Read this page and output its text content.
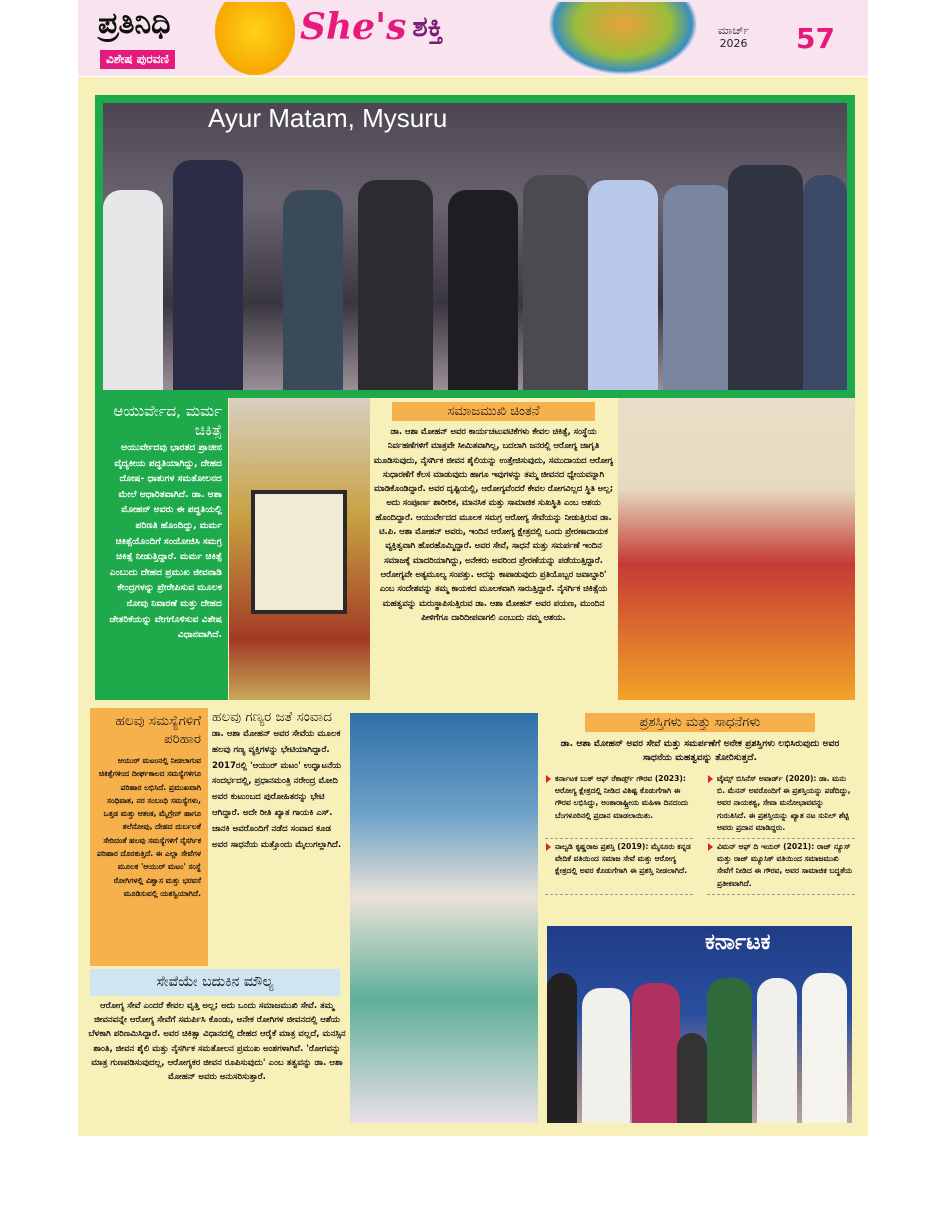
ಪ್ರತಿನಿಧಿ
ವಿಶೇಷ ಪುರವಣಿ
She's ಶಕ್ತಿ	ಮಾರ್ಚ್
2026 57
Ayur Matam, Mysuru
ಆಯುರ್ವೇದ, ಮರ್ಮ ಚಿಕಿತ್ಸೆ

ಆಯುರ್ವೇದವು ಭಾರತದ ಪ್ರಾಚೀನ ವೈದ್ಯಕೀಯ ಪದ್ಧತಿಯಾಗಿದ್ದು, ದೇಹದ ದೋಷ- ಧಾತುಗಳ ಸಮತೋಲನದ ಮೇಲೆ ಆಧಾರಿತವಾಗಿದೆ. ಡಾ. ಆಶಾ ಮೋಹನ್ ಅವರು ಈ ಪದ್ಧತಿಯಲ್ಲಿ ಪರಿಣತಿ ಹೊಂದಿದ್ದು, ಮರ್ಮ ಚಿಕಿತ್ಸೆಯೊಂದಿಗೆ ಸಂಯೋಜಿಸಿ ಸಮಗ್ರ ಚಿಕಿತ್ಸೆ ನೀಡುತ್ತಿದ್ದಾರೆ. ಮರ್ಮ ಚಿಕಿತ್ಸೆ ಎಂಬುದು ದೇಹದ ಪ್ರಮುಖ ಜೀವನಾಡಿ ಕೇಂದ್ರಗಳನ್ನು ಪ್ರೇರೇಪಿಸುವ ಮೂಲಕ ನೋವು ನಿವಾರಣೆ ಮತ್ತು ದೇಹದ ಚೇತರಿಕೆಯನ್ನು ವೇಗಗೊಳಿಸುವ ವಿಶೇಷ ವಿಧಾನವಾಗಿದೆ.

ಸಮಾಜಮುಖಿ ಚಿಂತನೆ

ಡಾ. ಆಶಾ ಮೋಹನ್ ಅವರ ಕಾರ್ಯಚಟುವಟಿಕೆಗಳು ಕೇವಲ ಚಿಕಿತ್ಸೆ, ಸಂಸ್ಥೆಯ ನಿರ್ವಹಣೆಗಳಿಗೆ ಮಾತ್ರವೇ ಸೀಮಿತವಾಗಿಲ್ಲ, ಬದಲಾಗಿ ಜನರಲ್ಲಿ ಆರೋಗ್ಯ ಜಾಗೃತಿ ಮೂಡಿಸುವುದು, ನೈಸರ್ಗಿಕ ಜೀವನ ಶೈಲಿಯನ್ನು ಉತ್ತೇಜಿಸುವುದು, ಸಮುದಾಯದ ಆರೋಗ್ಯ ಸುಧಾರಣೆಗೆ ಕೆಲಸ ಮಾಡುವುದು ಹಾಗೂ ಇವುಗಳನ್ನು ತಮ್ಮ ಜೀವನದ ಧ್ಯೇಯವನ್ನಾಗಿ ಮಾಡಿಕೊಂಡಿದ್ದಾರೆ. ಅವರ ದೃಷ್ಟಿಯಲ್ಲಿ, ಆರೋಗ್ಯವೆಂದರೆ ಕೇವಲ ರೋಗವಿಲ್ಲದ ಸ್ಥಿತಿ ಅಲ್ಲ; ಅದು ಸಂಪೂರ್ಣ ಶಾರೀರಿಕ, ಮಾನಸಿಕ ಮತ್ತು ಸಾಮಾಜಿಕ ಸುಖಸ್ಥಿತಿ ಎಂಬ ಆಶಯ ಹೊಂದಿದ್ದಾರೆ. ಆಯುರ್ವೇದದ ಮೂಲಕ ಸಮಗ್ರ ಆರೋಗ್ಯ ಸೇವೆಯನ್ನು ನೀಡುತ್ತಿರುವ ಡಾ. ಟಿ.ಪಿ. ಆಶಾ ಮೋಹನ್ ಅವರು, ಇಂದಿನ ಆರೋಗ್ಯ ಕ್ಷೇತ್ರದಲ್ಲಿ ಒಂದು ಪ್ರೇರಣಾದಾಯಕ ವ್ಯಕ್ತಿತ್ವವಾಗಿ ಹೊರಹೊಮ್ಮಿದ್ದಾರೆ. ಅವರ ಸೇವೆ, ಸಾಧನೆ ಮತ್ತು ಸಮರ್ಪಣೆ ಇಂದಿನ ಸಮಾಜಕ್ಕೆ ಮಾದರಿಯಾಗಿದ್ದು, ಅನೇಕರು ಅವರಿಂದ ಪ್ರೇರಣೆಯನ್ನು ಪಡೆಯುತ್ತಿದ್ದಾರೆ. ಆರೋಗ್ಯವೇ ಅತ್ಯಮೂಲ್ಯ ಸಂಪತ್ತು. ಅದನ್ನು ಕಾಪಾಡುವುದು ಪ್ರತಿಯೊಬ್ಬರ ಜವಾಬ್ದಾರಿ' ಎಂಬ ಸಂದೇಶವನ್ನು ತಮ್ಮ ಕಾಯಕದ ಮೂಲಕವಾಗಿ ಸಾರುತ್ತಿದ್ದಾರೆ. ನೈಸರ್ಗಿಕ ಚಿಕಿತ್ಸೆಯ ಮಹತ್ವವನ್ನು ಮರುಸ್ಥಾಪಿಸುತ್ತಿರುವ ಡಾ. ಆಶಾ ಮೋಹನ್ ಅವರ ಪಯಣ, ಮುಂದಿನ ಪೀಳಿಗೆಗೂ ದಾರಿದೀಪವಾಗಲಿ ಎಂಬುದು ನಮ್ಮ ಆಶಯ.

ಹಲವು ಸಮಸ್ಯೆಗಳಿಗೆ ಪರಿಹಾರ

ಆಯುರ್ ಮಟಂನಲ್ಲಿ ನೀಡಲಾಗುವ ಚಿಕಿತ್ಸೆಗಳಿಂದ ದೀರ್ಘಕಾಲದ ಸಮಸ್ಯೆಗಳಿಗೂ ಪರಿಹಾರ ಲಭಿಸಿದೆ. ಪ್ರಮುಖವಾಗಿ ಸಂಧಿವಾತ, ನರ ಸಂಬಂಧಿ ಸಮಸ್ಯೆಗಳು, ಒತ್ತಡ ಮತ್ತು ಆತಂಕ, ಮೈಗ್ರೇನ್ ಹಾಗೂ ತಲೆನೋವು, ದೇಹದ ದುರ್ಬಲತೆ ಸೇರಿದಂತೆ ಹಲವು ಸಮಸ್ಯೆಗಳಿಗೆ ನೈಸರ್ಗಿಕ ಪರಿಹಾರ ದೊರಕುತ್ತಿದೆ. ಈ ಎಲ್ಲಾ ಸೇವೆಗಳ ಮೂಲಕ 'ಆಯುರ್ ಮಟಂ' ಸಂಸ್ಥೆ ರೋಗಿಗಳಲ್ಲಿ ವಿಶ್ವಾಸ ಮತ್ತು ಭರವಸೆ ಮೂಡಿಸುವಲ್ಲಿ ಯಶಸ್ವಿಯಾಗಿದೆ.

ಹಲವು ಗಣ್ಯರ ಜತೆ ಸಂವಾದ

ಡಾ. ಆಶಾ ಮೋಹನ್ ಅವರ ಸೇವೆಯ ಮೂಲಕ ಹಲವು ಗಣ್ಯ ವ್ಯಕ್ತಿಗಳನ್ನು ಭೇಟಿಯಾಗಿದ್ದಾರೆ. 2017ರಲ್ಲಿ 'ಆಯುರ್ ಮಟಂ' ಉದ್ಘಾಟನೆಯ ಸಂದರ್ಭದಲ್ಲಿ, ಪ್ರಧಾನಮಂತ್ರಿ ನರೇಂದ್ರ ಮೋದಿ ಅವರ ಕುಟುಂಬದ ಪುರೋಹಿತರನ್ನು ಭೇಟಿ ಆಗಿದ್ದಾರೆ. ಅದೇ ರೀತಿ ಖ್ಯಾತ ಗಾಯಕಿ ಎಸ್. ಜಾನಕಿ ಅವರೊಂದಿಗೆ ನಡೆದ ಸಂವಾದ ಕೂಡ ಅವರ ಸಾಧನೆಯ ಮತ್ತೊಂದು ಮೈಲುಗಲ್ಲಾಗಿದೆ.

ಸೇವೆಯೇ ಬದುಕಿನ ಮೌಲ್ಯ

ಆರೋಗ್ಯ ಸೇವೆ ಎಂದರೆ ಕೇವಲ ವೃತ್ತಿ ಅಲ್ಲ; ಅದು ಒಂದು ಸಮಾಜಮುಖಿ ಸೇವೆ. ತಮ್ಮ ಜೀವನವನ್ನೇ ಆರೋಗ್ಯ ಸೇವೆಗೆ ಸಮರ್ಪಿಸಿ ಕೊಂಡು, ಅನೇಕ ರೋಗಿಗಳ ಜೀವನದಲ್ಲಿ ಆಶೆಯ ಬೆಳಕಾಗಿ ಪರಿಣಮಿಸಿದ್ದಾರೆ. ಅವರ ಚಿಕಿತ್ಸಾ ವಿಧಾನದಲ್ಲಿ ದೇಹದ ಆರೈಕೆ ಮಾತ್ರ ವಲ್ಲದೆ, ಮನಸ್ಸಿನ ಶಾಂತಿ, ಜೀವನ ಶೈಲಿ ಮತ್ತು ನೈಸರ್ಗಿಕ ಸಮತೋಲನ ಪ್ರಮುಖ ಅಂಶಗಳಾಗಿವೆ. 'ರೋಗವನ್ನು ಮಾತ್ರ ಗುಣಪಡಿಸುವುದಲ್ಲ, ಆರೋಗ್ಯಕರ ಜೀವನ ರೂಪಿಸುವುದು' ಎಂಬ ತತ್ವವನ್ನು ಡಾ. ಆಶಾ ಮೋಹನ್ ಅವರು ಅನುಸರಿಸುತ್ತಾರೆ.

ಪ್ರಶಸ್ತಿಗಳು ಮತ್ತು ಸಾಧನೆಗಳು
ಡಾ. ಆಶಾ ಮೋಹನ್ ಅವರ ಸೇವೆ ಮತ್ತು ಸಮರ್ಪಣೆಗೆ ಅನೇಕ ಪ್ರಶಸ್ತಿಗಳು ಲಭಿಸಿರುವುದು ಅವರ ಸಾಧನೆಯ ಮಹತ್ವವನ್ನು ತೋರಿಸುತ್ತದೆ.
ಕರ್ನಾಟಕ ಬುಕ್ ಆಫ್ ರೆಕಾರ್ಡ್ಸ್ ಗೌರವ (2023): ಆರೋಗ್ಯ ಕ್ಷೇತ್ರದಲ್ಲಿ ನೀಡಿದ ವಿಶಿಷ್ಟ ಕೊಡುಗೆಗಾಗಿ ಈ ಗೌರವ ಲಭಿಸಿದ್ದು, ಅಂತಾರಾಷ್ಟ್ರೀಯ ಮಹಿಳಾ ದಿನದಂದು ಬೆಂಗಳೂರಿನಲ್ಲಿ ಪ್ರದಾನ ಮಾಡಲಾಯಿತು.
ಟೈಮ್ಸ್ ಬಿಸಿನೆಸ್ ಅವಾರ್ಡ್ (2020): ಡಾ. ಮನು ಬಿ. ಮೆನನ್ ಅವರೊಂದಿಗೆ ಈ ಪ್ರಶಸ್ತಿಯನ್ನು ಪಡೆದಿದ್ದು, ಅವರ ನಾಯಕತ್ವ, ಸೇವಾ ಮನೋಭಾವವನ್ನು ಗುರುತಿಸಿದೆ. ಈ ಪ್ರಶಸ್ತಿಯನ್ನು ಖ್ಯಾತ ನಟ ಸುನಿಲ್ ಶೆಟ್ಟಿ ಅವರು ಪ್ರದಾನ ಮಾಡಿದ್ದರು.
ನಾಲ್ವಡಿ ಕೃಷ್ಣರಾಜ ಪ್ರಶಸ್ತಿ (2019): ಮೈಸೂರು ಕನ್ನಡ ವೇದಿಕೆ ವತಿಯಿಂದ ಸಮಾಜ ಸೇವೆ ಮತ್ತು ಆರೋಗ್ಯ ಕ್ಷೇತ್ರದಲ್ಲಿ ಅವರ ಕೊಡುಗೆಗಾಗಿ ಈ ಪ್ರಶಸ್ತಿ ನೀಡಲಾಗಿದೆ.
ವಿಮನ್ ಆಫ್ ದಿ ಇಯರ್ (2021): ರಾಜ್ ನ್ಯೂಸ್ ಮತ್ತು ರಾಜ್ ಮ್ಯೂಸಿಕ್ ವತಿಯಿಂದ ಸಮಾಜಮುಖಿ ಸೇವೆಗೆ ನೀಡಿದ ಈ ಗೌರವ, ಅವರ ಸಾಮಾಜಿಕ ಬದ್ಧತೆಯ ಪ್ರತೀಕವಾಗಿದೆ.
ಕರ್ನಾಟಕ
